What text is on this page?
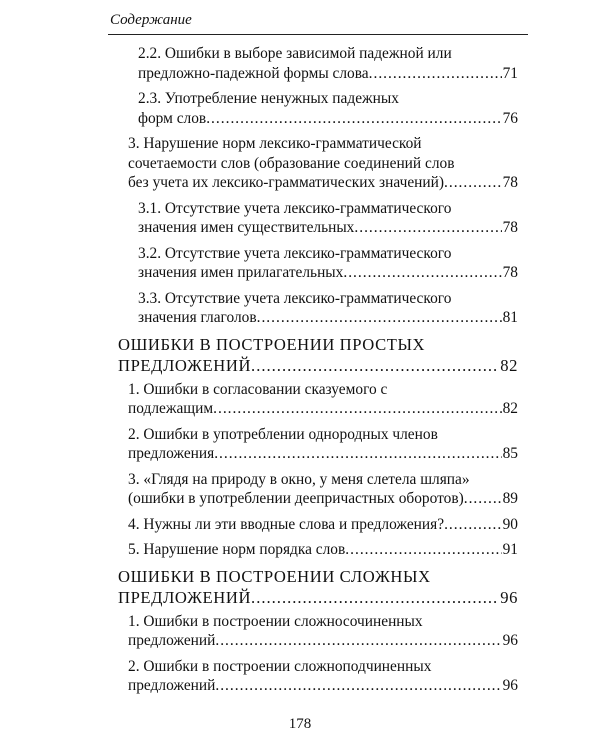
Содержание
2.2. Ошибки в выборе зависимой падежной или
предложно-падежной формы слова .....	71
2.3. Употребление ненужных падежных
форм слов .....	76
3. Нарушение норм лексико-грамматической
сочетаемости слов (образование соединений слов
без учета их лексико-грамматических значений) .....	78
3.1. Отсутствие учета лексико-грамматического
значения имен существительных .....	78
3.2. Отсутствие учета лексико-грамматического
значения имен прилагательных .....	78
3.3. Отсутствие учета лексико-грамматического
значения глаголов .....	81
ОШИБКИ В ПОСТРОЕНИИ ПРОСТЫХ
ПРЕДЛОЖЕНИЙ .....	82
1. Ошибки в согласовании сказуемого с
подлежащим .....	82
2. Ошибки в употреблении однородных членов
предложения .....	85
3. «Глядя на природу в окно, у меня слетела шляпа»
(ошибки в употреблении деепричастных оборотов) .....	89
4. Нужны ли эти вводные слова и предложения? .....	90
5. Нарушение норм порядка слов .....	91
ОШИБКИ В ПОСТРОЕНИИ СЛОЖНЫХ
ПРЕДЛОЖЕНИЙ .....	96
1. Ошибки в построении сложносочиненных
предложений .....	96
2. Ошибки в построении сложноподчиненных
предложений .....	96
178
